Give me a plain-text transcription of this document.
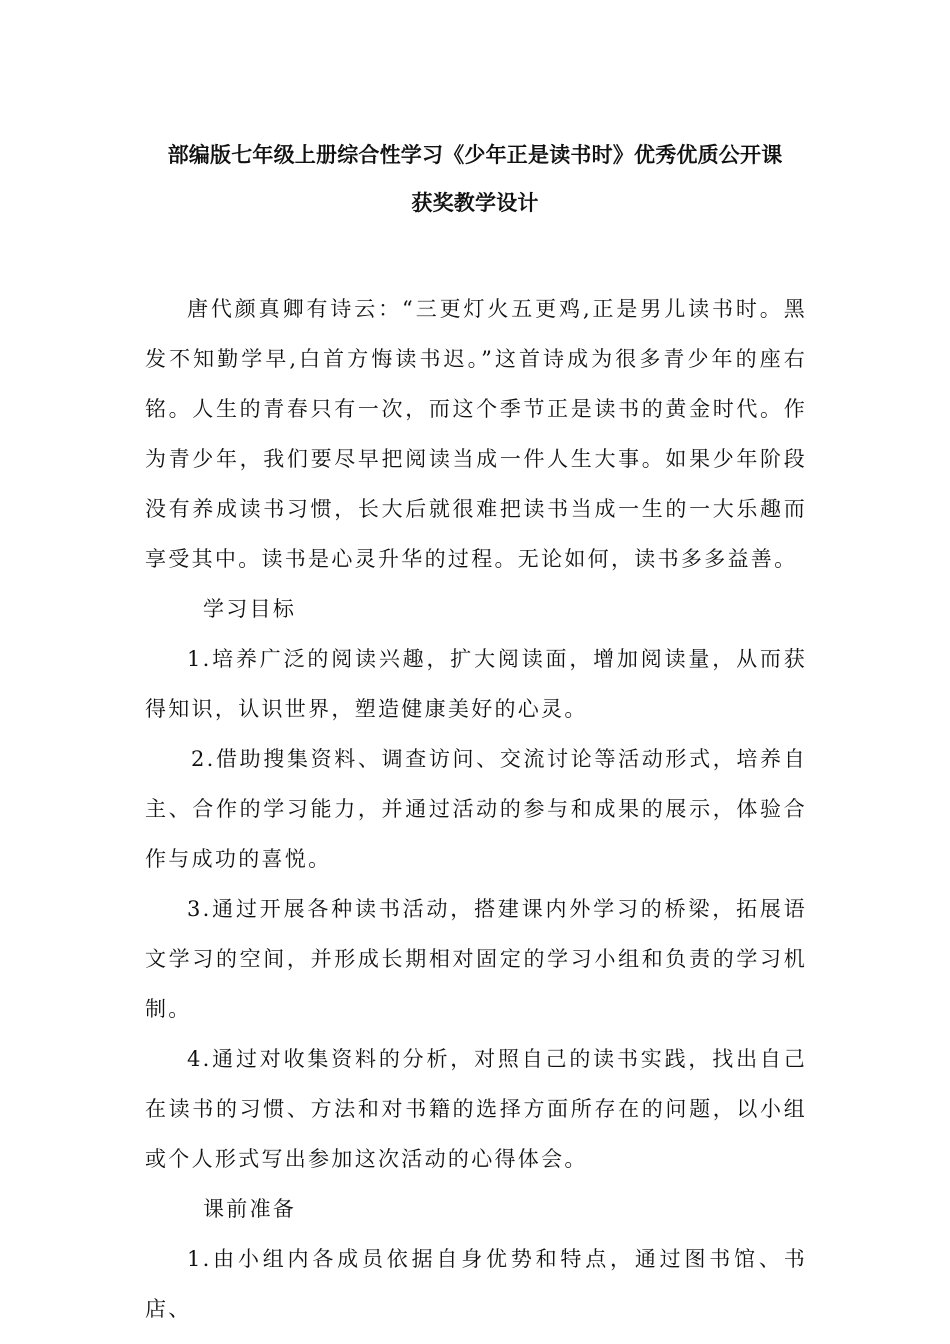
部编版七年级上册综合性学习《少年正是读书时》优秀优质公开课
获奖教学设计

唐代颜真卿有诗云：“三更灯火五更鸡,正是男儿读书时。黑发不知勤学早,白首方悔读书迟。”这首诗成为很多青少年的座右铭。人生的青春只有一次，而这个季节正是读书的黄金时代。作为青少年，我们要尽早把阅读当成一件人生大事。如果少年阶段没有养成读书习惯，长大后就很难把读书当成一生的一大乐趣而享受其中。读书是心灵升华的过程。无论如何，读书多多益善。

学习目标

1.培养广泛的阅读兴趣，扩大阅读面，增加阅读量，从而获得知识，认识世界，塑造健康美好的心灵。

2.借助搜集资料、调查访问、交流讨论等活动形式，培养自主、合作的学习能力，并通过活动的参与和成果的展示，体验合作与成功的喜悦。

3.通过开展各种读书活动，搭建课内外学习的桥梁，拓展语文学习的空间，并形成长期相对固定的学习小组和负责的学习机制。

4.通过对收集资料的分析，对照自己的读书实践，找出自己在读书的习惯、方法和对书籍的选择方面所存在的问题，以小组或个人形式写出参加这次活动的心得体会。

课前准备

1.由小组内各成员依据自身优势和特点，通过图书馆、书店、
